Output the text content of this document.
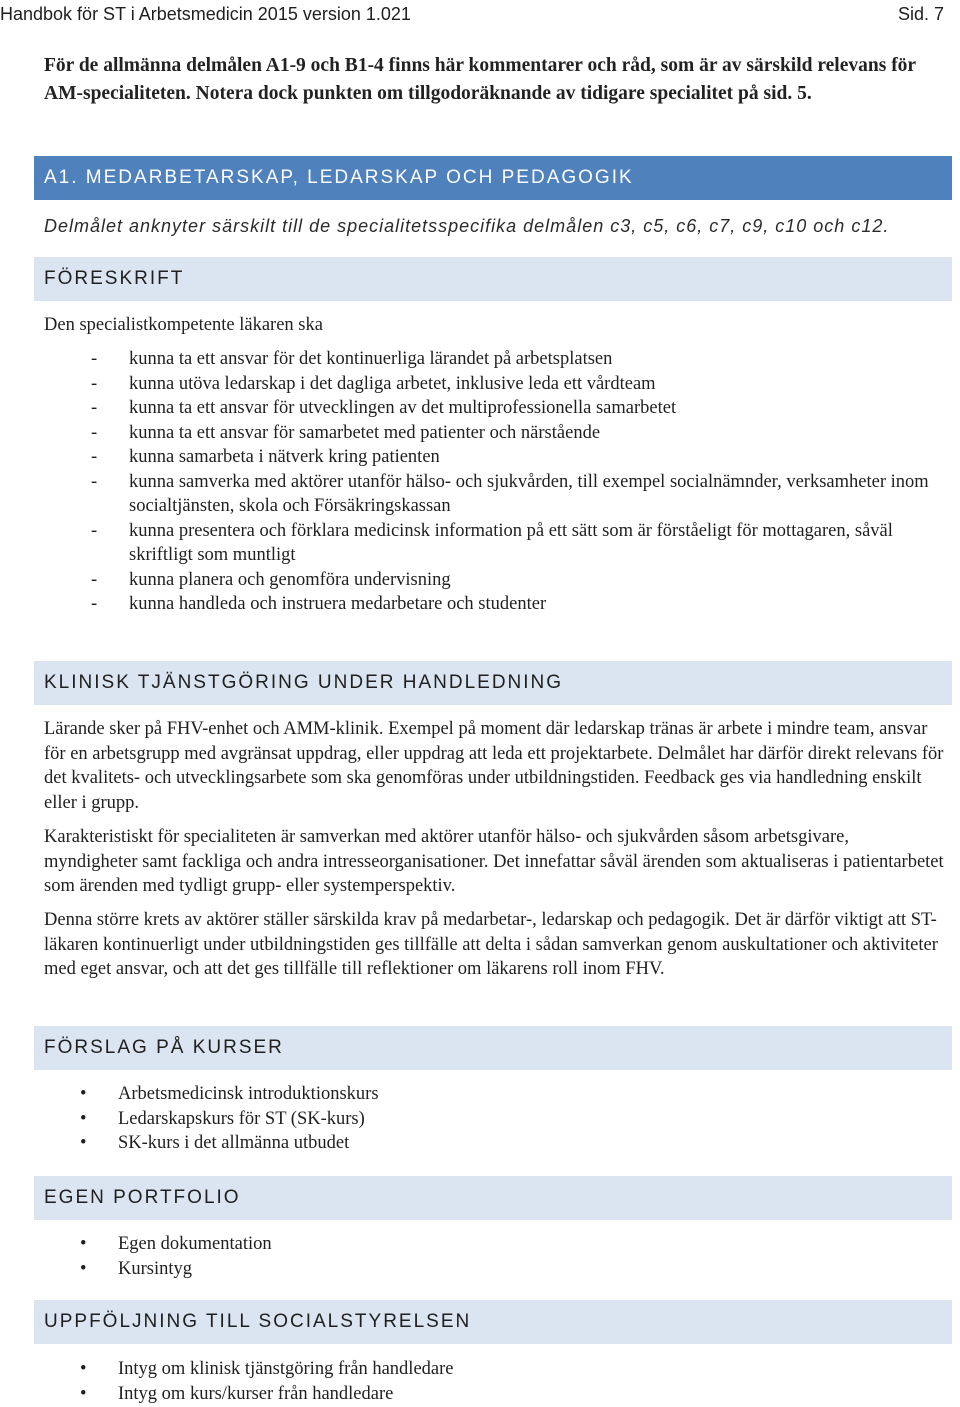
Handbok för ST i Arbetsmedicin 2015 version 1.021	Sid. 7
För de allmänna delmålen A1-9 och B1-4 finns här kommentarer och råd, som är av särskild relevans för AM-specialiteten. Notera dock punkten om tillgodoräknande av tidigare specialitet på sid. 5.
A1. MEDARBETARSKAP, LEDARSKAP OCH PEDAGOGIK
Delmålet anknyter särskilt till de specialitetsspecifika delmålen c3, c5, c6, c7, c9, c10 och c12.
FÖRESKRIFT
Den specialistkompetente läkaren ska
- kunna ta ett ansvar för det kontinuerliga lärandet på arbetsplatsen
- kunna utöva ledarskap i det dagliga arbetet, inklusive leda ett vårdteam
- kunna ta ett ansvar för utvecklingen av det multiprofessionella samarbetet
- kunna ta ett ansvar för samarbetet med patienter och närstående
- kunna samarbeta i nätverk kring patienten
- kunna samverka med aktörer utanför hälso- och sjukvården, till exempel socialnämnder, verksamheter inom socialtjänsten, skola och Försäkringskassan
- kunna presentera och förklara medicinsk information på ett sätt som är förståeligt för mottagaren, såväl skriftligt som muntligt
- kunna planera och genomföra undervisning
- kunna handleda och instruera medarbetare och studenter
KLINISK TJÄNSTGÖRING UNDER HANDLEDNING
Lärande sker på FHV-enhet och AMM-klinik. Exempel på moment där ledarskap tränas är arbete i mindre team, ansvar för en arbetsgrupp med avgränsat uppdrag, eller uppdrag att leda ett projektarbete. Delmålet har därför direkt relevans för det kvalitets- och utvecklingsarbete som ska genomföras under utbildningstiden. Feedback ges via handledning enskilt eller i grupp.
Karakteristiskt för specialiteten är samverkan med aktörer utanför hälso- och sjukvården såsom arbetsgivare, myndigheter samt fackliga och andra intresseorganisationer. Det innefattar såväl ärenden som aktualiseras i patientarbetet som ärenden med tydligt grupp- eller systemperspektiv.
Denna större krets av aktörer ställer särskilda krav på medarbetar-, ledarskap och pedagogik. Det är därför viktigt att ST-läkaren kontinuerligt under utbildningstiden ges tillfälle att delta i sådan samverkan genom auskultationer och aktiviteter med eget ansvar, och att det ges tillfälle till reflektioner om läkarens roll inom FHV.
FÖRSLAG PÅ KURSER
• Arbetsmedicinsk introduktionskurs
• Ledarskapskurs för ST (SK-kurs)
• SK-kurs i det allmänna utbudet
EGEN PORTFOLIO
• Egen dokumentation
• Kursintyg
UPPFÖLJNING TILL SOCIALSTYRELSEN
• Intyg om klinisk tjänstgöring från handledare
• Intyg om kurs/kurser från handledare
